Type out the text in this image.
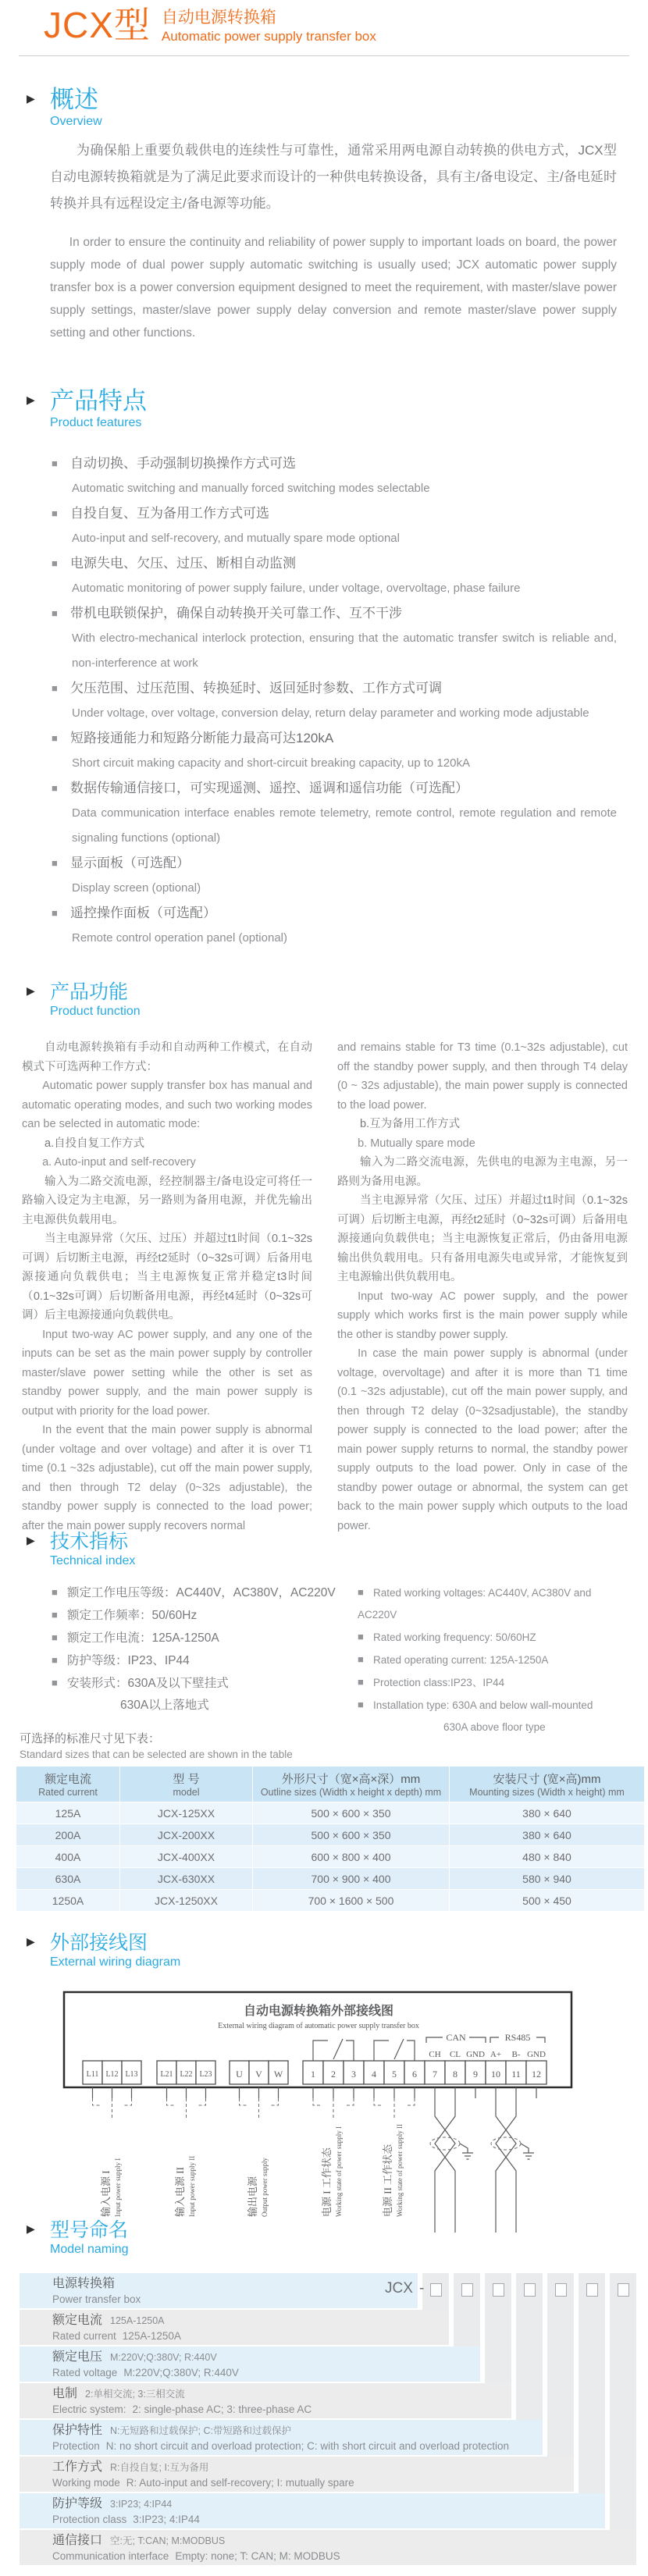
JCX型 自动电源转换箱
Automatic power supply transfer box
▶ 概述
Overview
为确保船上重要负载供电的连续性与可靠性，通常采用两电源自动转换的供电方式，JCX型自动电源转换箱就是为了满足此要求而设计的一种供电转换设备，具有主/备电设定、主/备电延时转换并具有远程设定主/备电源等功能。
In order to ensure the continuity and reliability of power supply to important loads on board, the power supply mode of dual power supply automatic switching is usually used; JCX automatic power supply transfer box is a power conversion equipment designed to meet the requirement, with master/slave power supply settings, master/slave power supply delay conversion and remote master/slave power supply setting and other functions.
▶ 产品特点
Product features
■自动切换、手动强制切换操作方式可选
Automatic switching and manually forced switching modes selectable
■自投自复、互为备用工作方式可选
Auto-input and self-recovery, and mutually spare mode optional
■电源失电、欠压、过压、断相自动监测
Automatic monitoring of power supply failure, under voltage, overvoltage, phase failure
■带机电联锁保护，确保自动转换开关可靠工作、互不干涉
With electro-mechanical interlock protection, ensuring that the automatic transfer switch is reliable and, non-interference at work
■欠压范围、过压范围、转换延时、返回延时参数、工作方式可调
Under voltage, over voltage, conversion delay, return delay parameter and working mode adjustable
■短路接通能力和短路分断能力最高可达120kA
Short circuit making capacity and short-circuit breaking capacity, up to 120kA
■数据传输通信接口，可实现遥测、遥控、遥调和遥信功能（可选配）
Data communication interface enables remote telemetry, remote control, remote regulation and remote signaling functions (optional)
■显示面板（可选配）
Display screen (optional)
■遥控操作面板（可选配）
Remote control operation panel (optional)
▶ 产品功能
Product function

自动电源转换箱有手动和自动两种工作模式，在自动模式下可选两种工作方式：

Automatic power supply transfer box has manual and automatic operating modes, and such two working modes can be selected in automatic mode:

a.自投自复工作方式

a. Auto-input and self-recovery

输入为二路交流电源，经控制器主/备电设定可将任一路输入设定为主电源，另一路则为备用电源，并优先输出主电源供负载用电。

当主电源异常（欠压、过压）并超过t1时间（0.1~32s可调）后切断主电源，再经t2延时（0~32s可调）后备用电源接通向负载供电；当主电源恢复正常并稳定t3时间（0.1~32s可调）后切断备用电源，再经t4延时（0~32s可调）后主电源接通向负载供电。

Input two-way AC power supply, and any one of the inputs can be set as the main power supply by controller master/slave power setting while the other is set as standby power supply, and the main power supply is output with priority for the load power.

In the event that the main power supply is abnormal (under voltage and over voltage) and after it is over T1 time (0.1 ~32s adjustable), cut off the main power supply, and then through T2 delay (0~32s adjustable), the standby power supply is connected to the load power; after the main power supply recovers normal

and remains stable for T3 time (0.1~32s adjustable), cut off the standby power supply, and then through T4 delay (0 ~ 32s adjustable), the main power supply is connected to the load power.

b.互为备用工作方式

b. Mutually spare mode

输入为二路交流电源，先供电的电源为主电源，另一路则为备用电源。

当主电源异常（欠压、过压）并超过t1时间（0.1~32s可调）后切断主电源，再经t2延时（0~32s可调）后备用电源接通向负载供电；当主电源恢复正常后，仍由备用电源输出供负载用电。只有备用电源失电或异常，才能恢复到主电源输出供负载用电。

Input two-way AC power supply, and the power supply which works first is the main power supply while the other is standby power supply.

In case the main power supply is abnormal (under voltage, overvoltage) and after it is more than T1 time (0.1 ~32s adjustable), cut off the main power supply, and then through T2 delay (0~32sadjustable), the standby power supply is connected to the load power; after the main power supply returns to normal, the standby power supply outputs to the load power. Only in case of the standby power outage or abnormal, the system can get back to the main power supply which outputs to the load power.

▶ 技术指标
Technical index
■额定工作电压等级：AC440V，AC380V，AC220V
■额定工作频率：50/60Hz
■额定工作电流：125A-1250A
■防护等级：IP23、IP44
■安装形式：630A及以下壁挂式
630A以上落地式
■Rated working voltages: AC440V, AC380V and AC220V
■Rated working frequency: 50/60HZ
■Rated operating current: 125A-1250A
■Protection class:IP23、IP44
■Installation type: 630A and below wall-mounted
630A above floor type
可选择的标准尺寸见下表：
Standard sizes that can be selected are shown in the table
额定电流
Rated current

型 号
model

外形尺寸（宽×高×深）mm
Outline sizes (Width x height x depth) mm

安装尺寸 (宽×高)mm
Mounting sizes (Width x height) mm

125A	JCX-125XX	500 × 600 × 350	380 × 640
200A	JCX-200XX	500 × 600 × 350	380 × 640
400A	JCX-400XX	600 × 800 × 400	480 × 840
630A	JCX-630XX	700 × 900 × 400	580 × 940
1250A	JCX-1250XX	700 × 1600 × 500	500 × 450
▶ 外部接线图
External wiring diagram
自动电源转换箱外部接线图
External wiring diagram of automatic power supply transfer box
CAN	RS485
CH CL GND A+ B- GND
L11 L12 L13	L21 L22 L23	U V W	1 2 3 4 5 6 7 8 9 10 11 12
输入电源 I Input power supply I	输入电源 II Input power supply II	输出电源 Output power supply	电源 I 工作状态 Working state of power supply I	电源 II 工作状态 Working state of power supply II
▶ 型号命名
Model naming
电源转换箱
Power transfer box
额定电流 125A-1250A
Rated current 125A-1250A
额定电压 M:220V;Q:380V; R:440V
Rated voltage M:220V;Q:380V; R:440V
电制 2:单相交流; 3:三相交流
Electric system: 2: single-phase AC; 3: three-phase AC
保护特性 N:无短路和过载保护; C:带短路和过载保护
Protection N: no short circuit and overload protection; C: with short circuit and overload protection
工作方式 R:自投自复; I:互为备用
Working mode R: Auto-input and self-recovery; I: mutually spare
防护等级 3:IP23; 4:IP44
Protection class 3:IP23; 4:IP44
通信接口 空:无; T:CAN; M:MODBUS
Communication interface Empty: none; T: CAN; M: MODBUS
JCX -
